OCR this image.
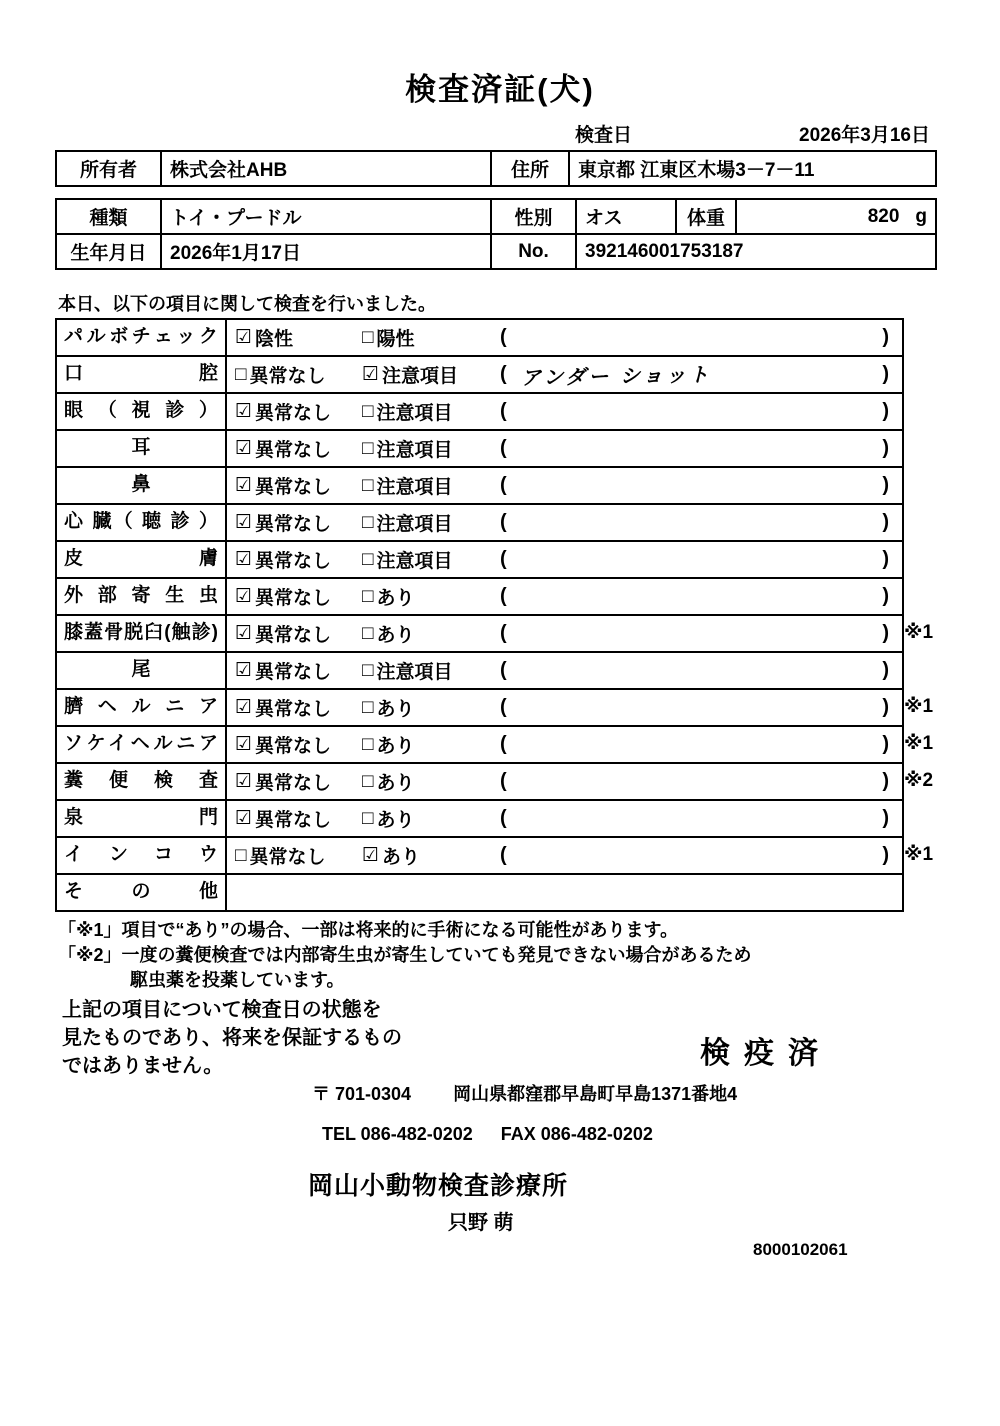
検査済証(犬)
検査日	2026年3月16日
所有者	株式会社AHB	住所	東京都 江東区木場3－7－11
種類	トイ・プードル	性別	オス	体重	820 g
生年月日	2026年1月17日	No.	392146001753187		
本日、以下の項目に関して検査を行いました。
パルボチェック ☑ 陰性	□ 陽性	(	)
口 腔 □ 異常なし ☑ 注意項目 ( アンダー ショット	)
眼 （ 視 診 ） ☑ 異常なし □ 注意項目 (	)
耳	☑ 異常なし □ 注意項目 (	)
鼻	☑ 異常なし □ 注意項目 (	)
心 臓（ 聴 診 ） ☑ 異常なし □ 注意項目 (	)
皮 膚 ☑ 異常なし □ 注意項目 (	)
外 部 寄 生 虫 ☑ 異常なし □ あり	(	)
膝蓋骨脱臼(触診) ☑ 異常なし □ あり	(	) ※1
尾	☑ 異常なし □ 注意項目 (	)
臍 ヘ ル ニ ア ☑ 異常なし □ あり	(	) ※1
ソケイヘルニア ☑ 異常なし □ あり	(	) ※1
糞 便 検 査 ☑ 異常なし □ あり	(	) ※2
泉 門 ☑ 異常なし □ あり	(	)
イ ン コ ウ □ 異常なし ☑ あり	(	) ※1
そ の 他
「※1」項目で“あり”の場合、一部は将来的に手術になる可能性があります。
「※2」一度の糞便検査では内部寄生虫が寄生していても発見できない場合があるため
駆虫薬を投薬しています。
上記の項目について検査日の状態を
見たものであり、将来を保証するもの
ではありません。	検疫済
〒 701-0304 岡山県都窪郡早島町早島1371番地4
TEL 086-482-0202 FAX 086-482-0202
岡山小動物検査診療所
只野 萌
8000102061
